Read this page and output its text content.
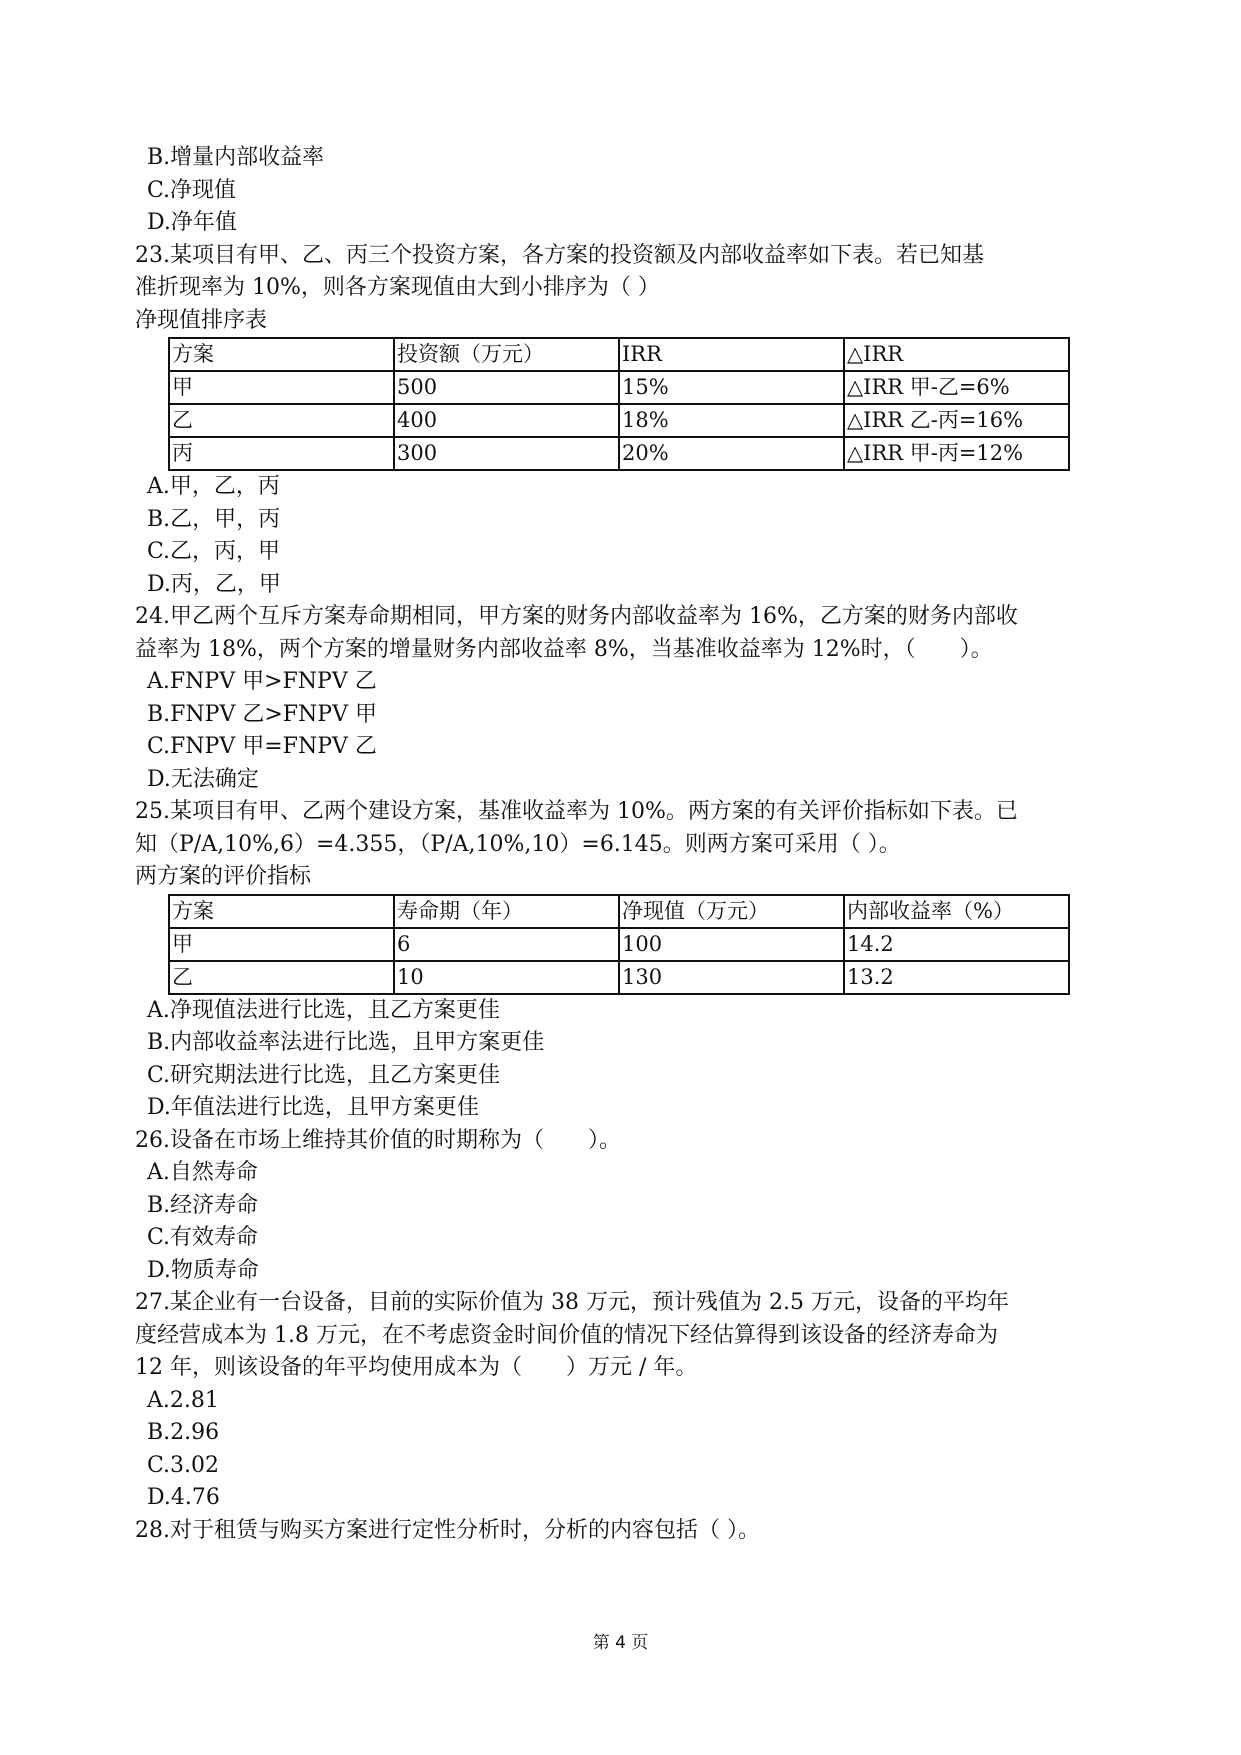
B.增量内部收益率
C.净现值
D.净年值
23.某项目有甲、乙、丙三个投资方案，各方案的投资额及内部收益率如下表。若已知基
准折现率为 10%，则各方案现值由大到小排序为（ ）
净现值排序表
方案	投资额（万元）	IRR	△IRR
甲	500	15%	△IRR 甲-乙=6%
乙	400	18%	△IRR 乙-丙=16%
丙	300	20%	△IRR 甲-丙=12%
A.甲，乙，丙
B.乙，甲，丙
C.乙，丙，甲
D.丙，乙，甲
24.甲乙两个互斥方案寿命期相同，甲方案的财务内部收益率为 16%，乙方案的财务内部收
益率为 18%，两个方案的增量财务内部收益率 8%，当基准收益率为 12%时，（　　）。
A.FNPV 甲>FNPV 乙
B.FNPV 乙>FNPV 甲
C.FNPV 甲=FNPV 乙
D.无法确定
25.某项目有甲、乙两个建设方案，基准收益率为 10%。两方案的有关评价指标如下表。已
知（P/A,10%,6）=4.355，（P/A,10%,10）=6.145。则两方案可采用（ ）。
两方案的评价指标
方案	寿命期（年）	净现值（万元）	内部收益率（%）
甲	6	100	14.2
乙	10	130	13.2
A.净现值法进行比选，且乙方案更佳
B.内部收益率法进行比选，且甲方案更佳
C.研究期法进行比选，且乙方案更佳
D.年值法进行比选，且甲方案更佳
26.设备在市场上维持其价值的时期称为（　　）。
A.自然寿命
B.经济寿命
C.有效寿命
D.物质寿命
27.某企业有一台设备，目前的实际价值为 38 万元，预计残值为 2.5 万元，设备的平均年
度经营成本为 1.8 万元，在不考虑资金时间价值的情况下经估算得到该设备的经济寿命为
12 年，则该设备的年平均使用成本为（　　）万元 / 年。
A.2.81
B.2.96
C.3.02
D.4.76
28.对于租赁与购买方案进行定性分析时，分析的内容包括（ ）。
第 4 页
